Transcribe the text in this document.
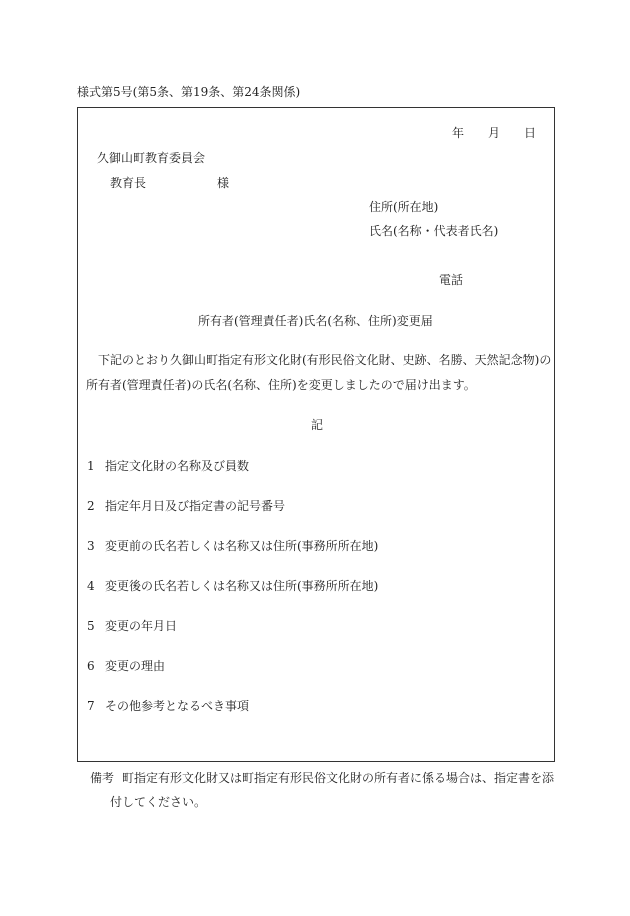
様式第5号(第5条、第19条、第24条関係)
年 月 日
久御山町教育委員会
教育長	様
住所(所在地)
氏名(名称・代表者氏名)
電話
所有者(管理責任者)氏名(名称、住所)変更届
下記のとおり久御山町指定有形文化財(有形民俗文化財、史跡、名勝、天然記念物)の
所有者(管理責任者)の氏名(名称、住所)を変更しましたので届け出ます。
記
1 指定文化財の名称及び員数
2 指定年月日及び指定書の記号番号
3 変更前の氏名若しくは名称又は住所(事務所所在地)
4 変更後の氏名若しくは名称又は住所(事務所所在地)
5 変更の年月日
6 変更の理由
7 その他参考となるべき事項
備考 町指定有形文化財又は町指定有形民俗文化財の所有者に係る場合は、指定書を添
付してください。
